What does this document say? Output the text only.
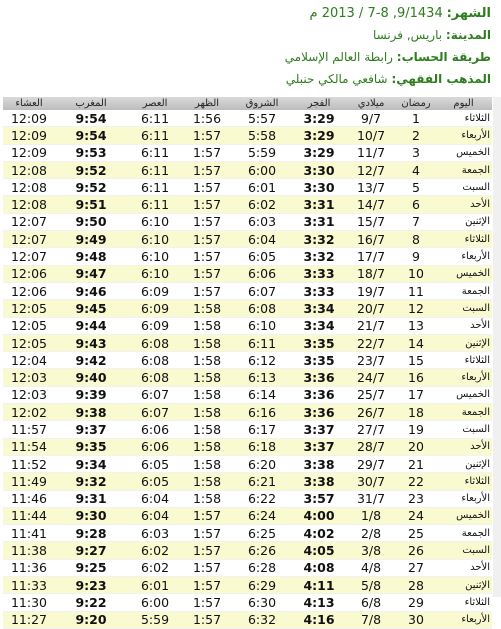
الشهر: 9/1434, 8-7 / 2013 م
المدينة: باريس, فرنسا
طريقة الحساب: رابطة العالم الإسلامي
المذهب الفقهي: شافعي مالكي حنبلي
اليوم	رمضان	ميلادي	الفجر	الشروق	الظهر	العصر	المغرب	العشاء
الثلاثاء	1	9/7	3:29	5:57	1:56	6:11	9:54	12:09
الأربعاء	2	10/7	3:29	5:58	1:57	6:11	9:54	12:09
الخميس	3	11/7	3:29	5:59	1:57	6:11	9:53	12:09
الجمعة	4	12/7	3:30	6:00	1:57	6:11	9:52	12:08
السبت	5	13/7	3:30	6:01	1:57	6:11	9:52	12:08
الأحد	6	14/7	3:31	6:02	1:57	6:11	9:51	12:08
الإثنين	7	15/7	3:31	6:03	1:57	6:10	9:50	12:07
الثلاثاء	8	16/7	3:32	6:04	1:57	6:10	9:49	12:07
الأربعاء	9	17/7	3:32	6:05	1:57	6:10	9:48	12:07
الخميس	10	18/7	3:33	6:06	1:57	6:10	9:47	12:06
الجمعة	11	19/7	3:33	6:07	1:57	6:09	9:46	12:06
السبت	12	20/7	3:34	6:08	1:58	6:09	9:45	12:05
الأحد	13	21/7	3:34	6:10	1:58	6:09	9:44	12:05
الإثنين	14	22/7	3:35	6:11	1:58	6:08	9:43	12:05
الثلاثاء	15	23/7	3:35	6:12	1:58	6:08	9:42	12:04
الأربعاء	16	24/7	3:36	6:13	1:58	6:08	9:40	12:03
الخميس	17	25/7	3:36	6:14	1:58	6:07	9:39	12:03
الجمعة	18	26/7	3:36	6:16	1:58	6:07	9:38	12:02
السبت	19	27/7	3:37	6:17	1:58	6:06	9:37	11:57
الأحد	20	28/7	3:37	6:18	1:58	6:06	9:35	11:54
الإثنين	21	29/7	3:38	6:20	1:58	6:05	9:34	11:52
الثلاثاء	22	30/7	3:38	6:21	1:58	6:05	9:32	11:49
الأربعاء	23	31/7	3:57	6:22	1:58	6:04	9:31	11:46
الخميس	24	1/8	4:00	6:24	1:57	6:04	9:30	11:44
الجمعة	25	2/8	4:02	6:25	1:57	6:03	9:28	11:41
السبت	26	3/8	4:05	6:26	1:57	6:02	9:27	11:38
الأحد	27	4/8	4:08	6:28	1:57	6:02	9:25	11:36
الإثنين	28	5/8	4:11	6:29	1:57	6:01	9:23	11:33
الثلاثاء	29	6/8	4:13	6:30	1:57	6:00	9:22	11:30
الأربعاء	30	7/8	4:16	6:32	1:57	5:59	9:20	11:27
